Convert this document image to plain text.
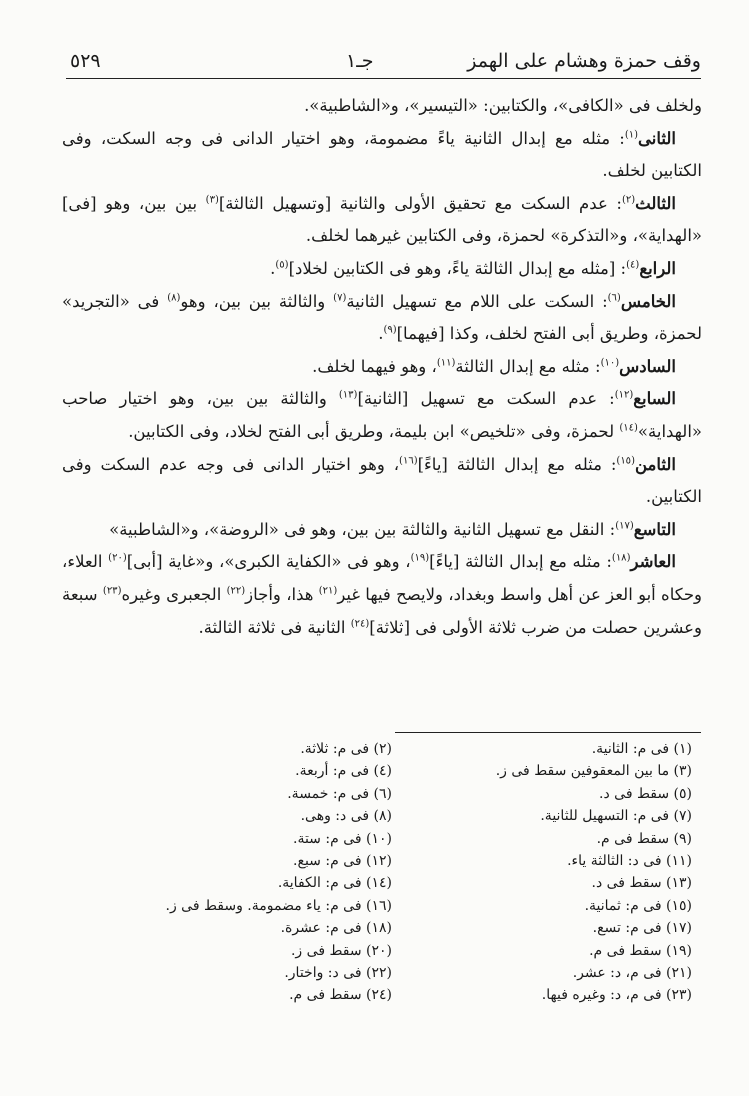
وقف حمزة وهشام على الهمز
جـ١
٥٢٩

ولخلف فى «الكافى»، والكتابين: «التيسير»، و«الشاطبية».

الثانى$^{(١)}$: مثله مع إبدال الثانية ياءً مضمومة، وهو اختيار الدانى فى وجه السكت، وفى الكتابين لخلف.

الثالث$^{(٢)}$: عدم السكت مع تحقيق الأولى والثانية [وتسهيل الثالثة]$^{(٣)}$ بين بين، وهو [فى] «الهداية»، و«التذكرة» لحمزة، وفى الكتابين غيرهما لخلف.

الرابع$^{(٤)}$: [مثله مع إبدال الثالثة ياءً، وهو فى الكتابين لخلاد]$^{(٥)}$.

الخامس$^{(٦)}$: السكت على اللام مع تسهيل الثانية$^{(٧)}$ والثالثة بين بين، وهو$^{(٨)}$ فى «التجريد» لحمزة، وطريق أبى الفتح لخلف، وكذا [فيهما]$^{(٩)}$.

السادس$^{(١٠)}$: مثله مع إبدال الثالثة$^{(١١)}$، وهو فيهما لخلف.

السابع$^{(١٢)}$: عدم السكت مع تسهيل [الثانية]$^{(١٣)}$ والثالثة بين بين، وهو اختيار صاحب «الهداية»$^{(١٤)}$ لحمزة، وفى «تلخيص» ابن بليمة، وطريق أبى الفتح لخلاد، وفى الكتابين.

الثامن$^{(١٥)}$: مثله مع إبدال الثالثة [ياءً]$^{(١٦)}$، وهو اختيار الدانى فى وجه عدم السكت وفى الكتابين.

التاسع$^{(١٧)}$: النقل مع تسهيل الثانية والثالثة بين بين، وهو فى «الروضة»، و«الشاطبية»

العاشر$^{(١٨)}$: مثله مع إبدال الثالثة [ياءً]$^{(١٩)}$، وهو فى «الكفاية الكبرى»، و«غاية [أبى]$^{(٢٠)}$ العلاء، وحكاه أبو العز عن أهل واسط وبغداد، ولايصح فيها غير$^{(٢١)}$ هذا، وأجاز$^{(٢٢)}$ الجعبرى وغيره$^{(٢٣)}$ سبعة وعشرين حصلت من ضرب ثلاثة الأولى فى [ثلاثة]$^{(٢٤)}$ الثانية فى ثلاثة الثالثة.

(١) فى م: الثانية.
(٢) فى م: ثلاثة.
(٣) ما بين المعقوفين سقط فى ز.
(٤) فى م: أربعة.
(٥) سقط فى د.
(٦) فى م: خمسة.
(٧) فى م: التسهيل للثانية.
(٨) فى د: وهى.
(٩) سقط فى م.
(١٠) فى م: ستة.
(١١) فى د: الثالثة ياء.
(١٢) فى م: سبع.
(١٣) سقط فى د.
(١٤) فى م: الكفاية.
(١٥) فى م: ثمانية.
(١٦) فى م: ياء مضمومة. وسقط فى ز.
(١٧) فى م: تسع.
(١٨) فى م: عشرة.
(١٩) سقط فى م.
(٢٠) سقط فى ز.
(٢١) فى م، د: عشر.
(٢٢) فى د: واختار.
(٢٣) فى م، د: وغيره فيها.
(٢٤) سقط فى م.
